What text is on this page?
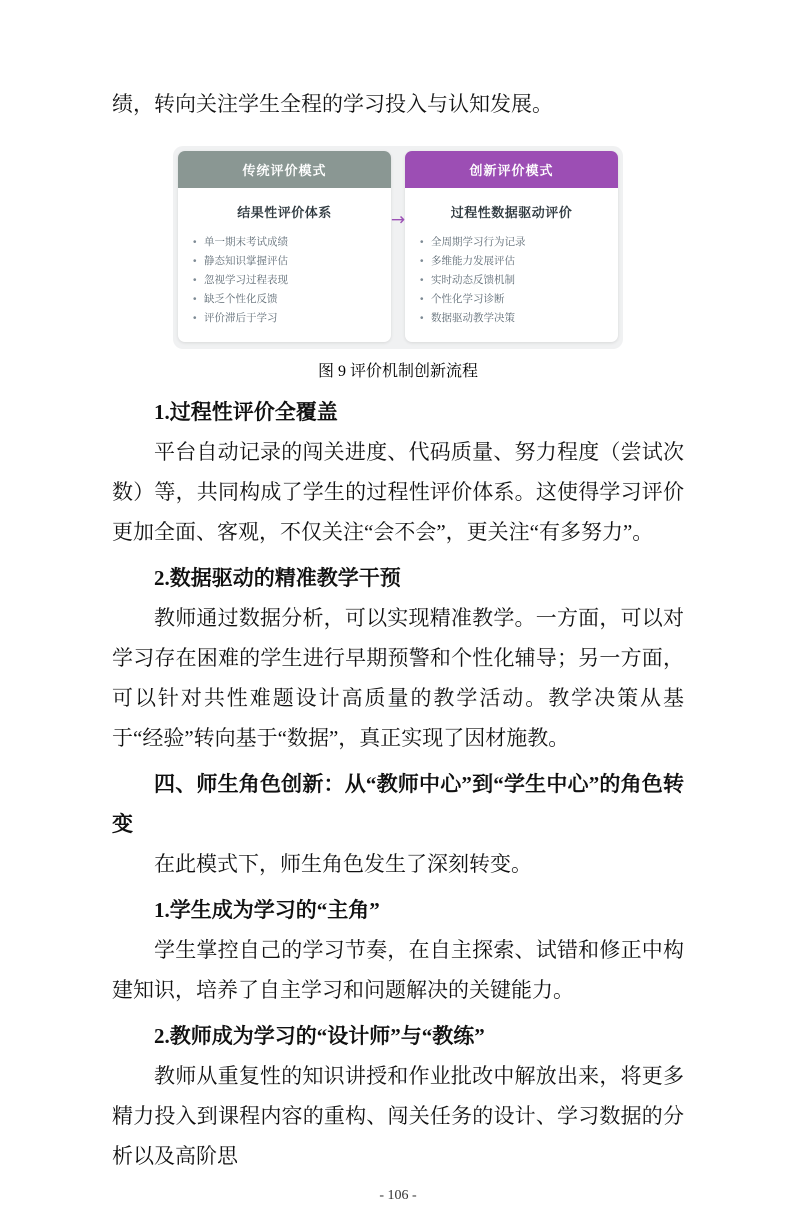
绩，转向关注学生全程的学习投入与认知发展。

传统评价模式
结果性评价体系
• 单一期末考试成绩
• 静态知识掌握评估
• 忽视学习过程表现
• 缺乏个性化反馈
• 评价滞后于学习
创新评价模式
过程性数据驱动评价
• 全周期学习行为记录
• 多维能力发展评估
• 实时动态反馈机制
• 个性化学习诊断
• 数据驱动教学决策
→
图 9 评价机制创新流程
1.过程性评价全覆盖

平台自动记录的闯关进度、代码质量、努力程度（尝试次数）等，共同构成了学生的过程性评价体系。这使得学习评价更加全面、客观，不仅关注“会不会”，更关注“有多努力”。

2.数据驱动的精准教学干预

教师通过数据分析，可以实现精准教学。一方面，可以对学习存在困难的学生进行早期预警和个性化辅导；另一方面，可以针对共性难题设计高质量的教学活动。教学决策从基于“经验”转向基于“数据”，真正实现了因材施教。

四、师生角色创新：从“教师中心”到“学生中心”的角色转变

在此模式下，师生角色发生了深刻转变。

1.学生成为学习的“主角”

学生掌控自己的学习节奏，在自主探索、试错和修正中构建知识，培养了自主学习和问题解决的关键能力。

2.教师成为学习的“设计师”与“教练”

教师从重复性的知识讲授和作业批改中解放出来，将更多精力投入到课程内容的重构、闯关任务的设计、学习数据的分析以及高阶思

- 106 -
